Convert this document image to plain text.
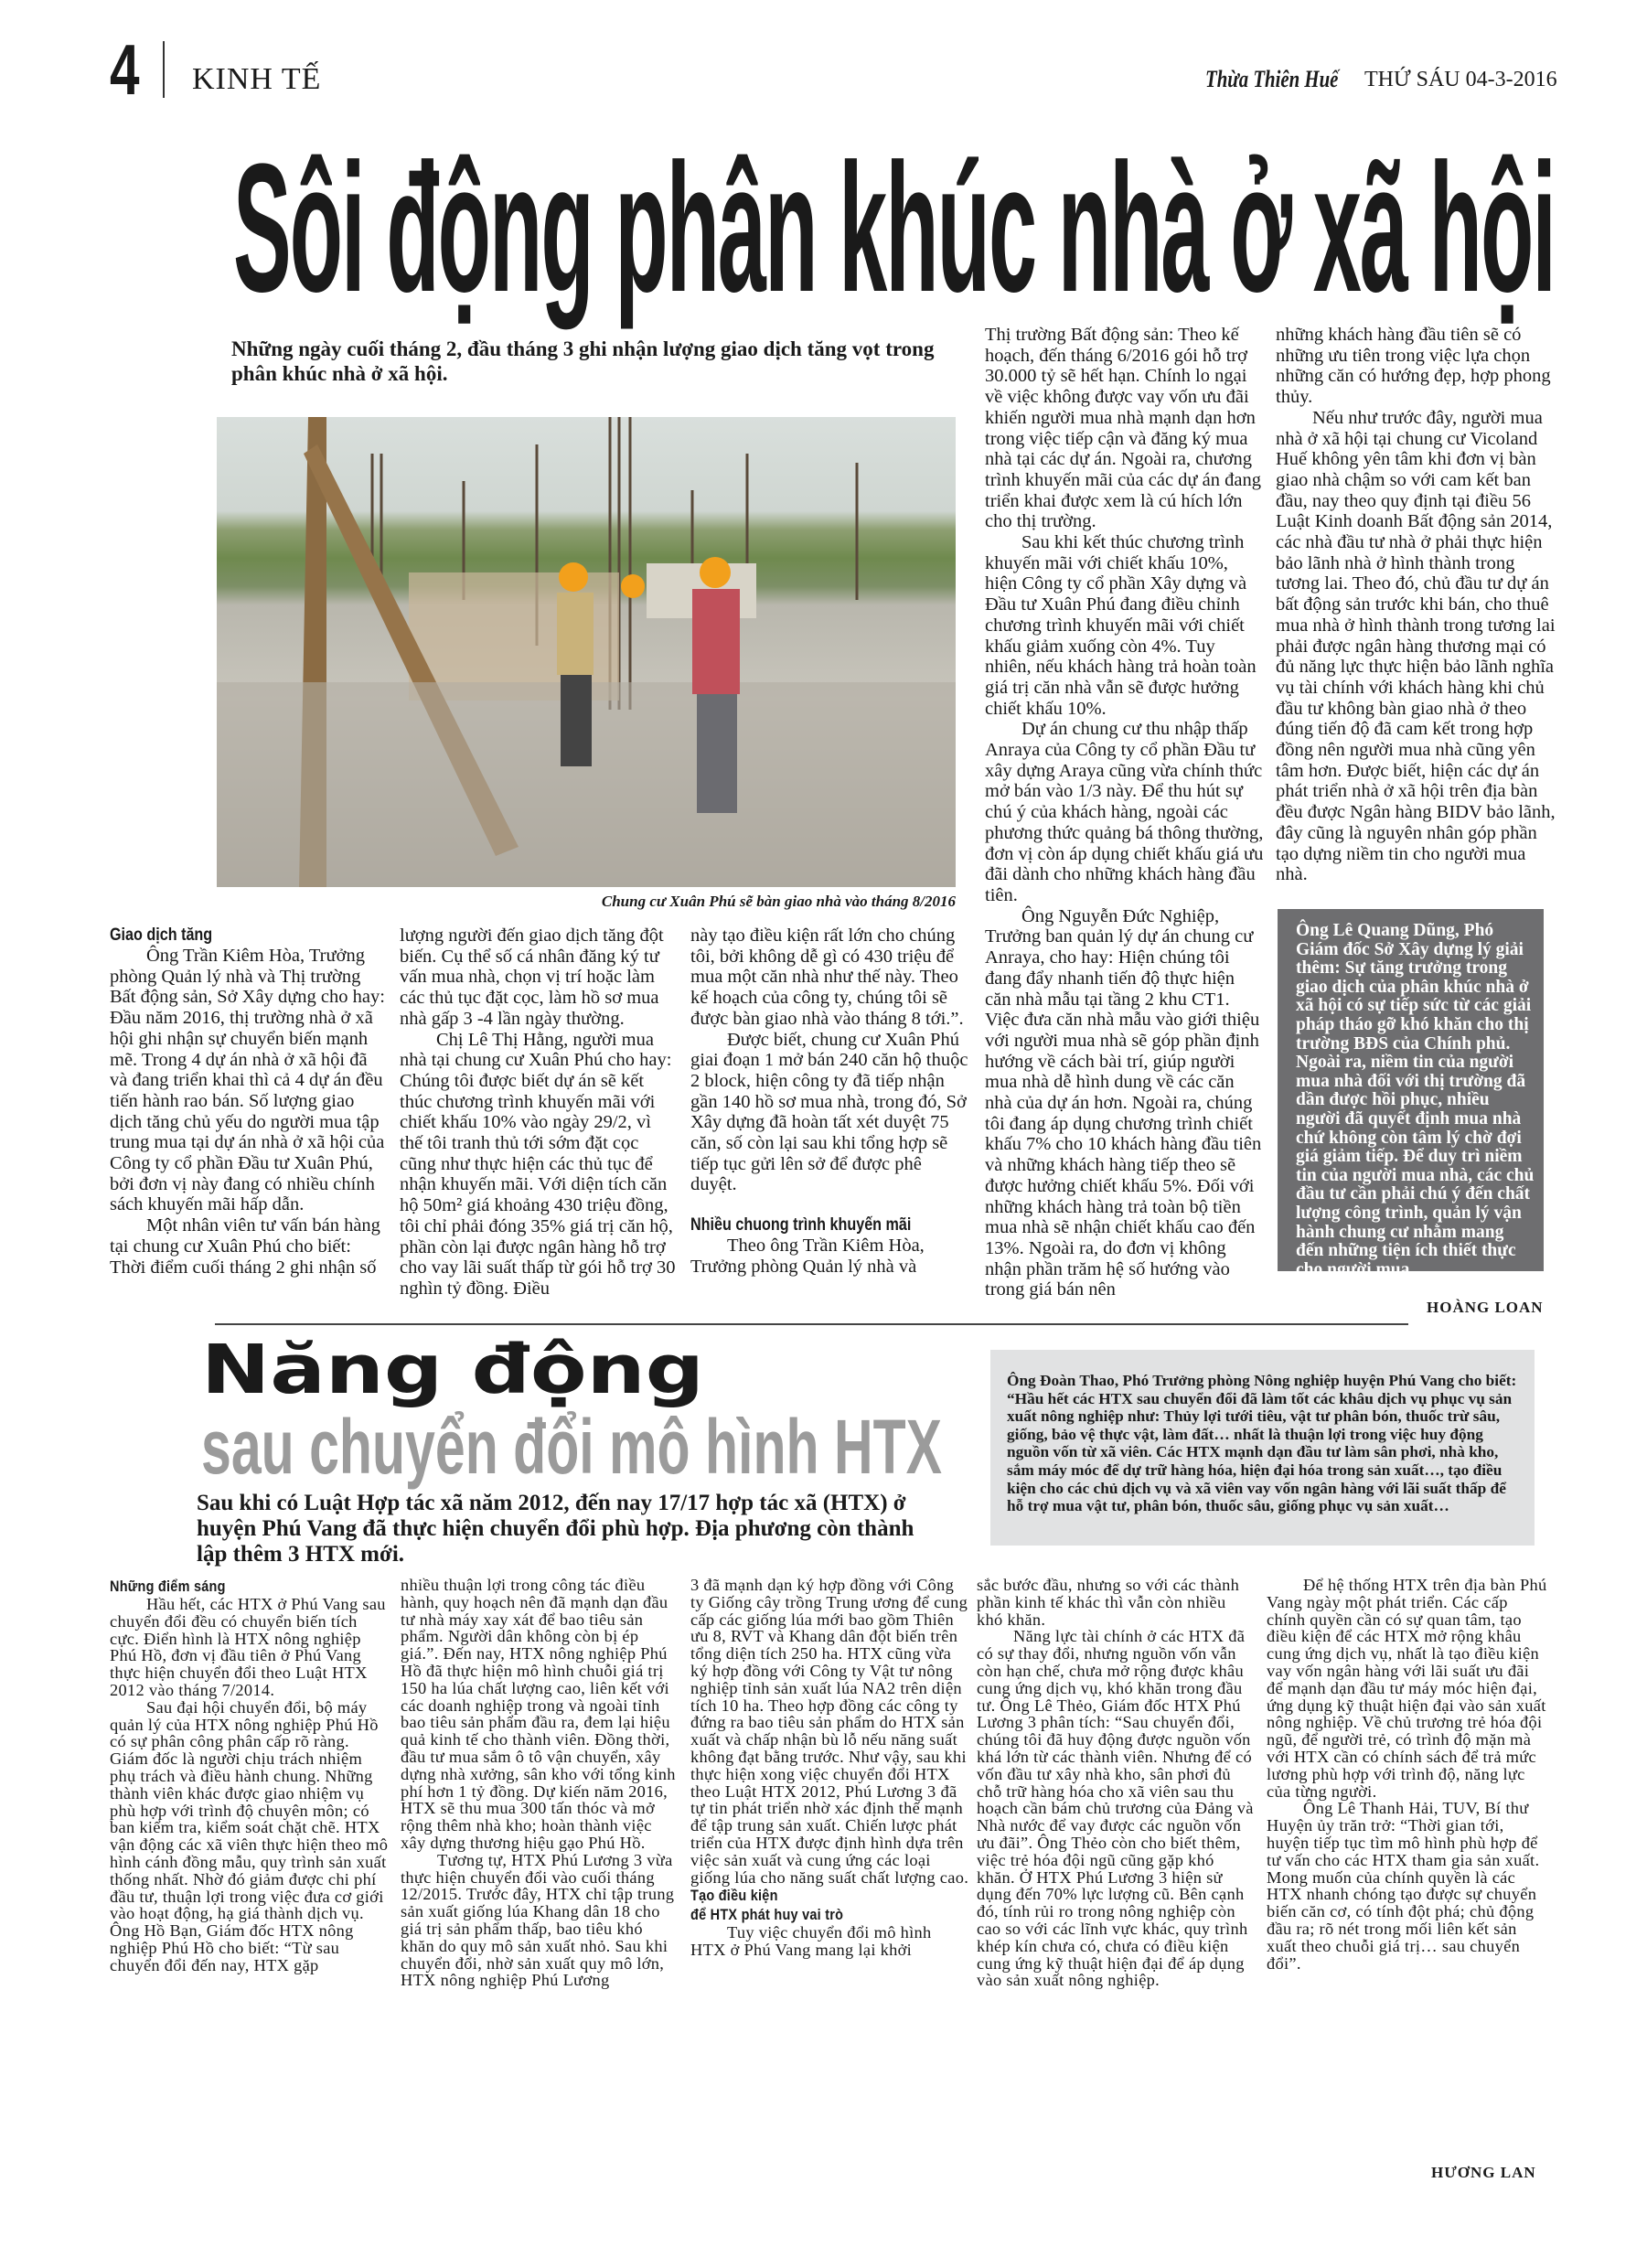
4 KINH TẾ	Thừa Thiên Huế THỨ SÁU 04-3-2016
Sôi động phân khúc nhà ở xã hội
Những ngày cuối tháng 2, đầu tháng 3 ghi nhận lượng giao dịch tăng vọt trong phân khúc nhà ở xã hội.
Chung cư Xuân Phú sẽ bàn giao nhà vào tháng 8/2016
Giao dịch tăng

Ông Trần Kiêm Hòa, Trưởng phòng Quản lý nhà và Thị trường Bất động sản, Sở Xây dựng cho hay: Đầu năm 2016, thị trường nhà ở xã hội ghi nhận sự chuyển biến mạnh mẽ. Trong 4 dự án nhà ở xã hội đã và đang triển khai thì cả 4 dự án đều tiến hành rao bán. Số lượng giao dịch tăng chủ yếu do người mua tập trung mua tại dự án nhà ở xã hội của Công ty cổ phần Đầu tư Xuân Phú, bởi đơn vị này đang có nhiều chính sách khuyến mãi hấp dẫn.

Một nhân viên tư vấn bán hàng tại chung cư Xuân Phú cho biết: Thời điểm cuối tháng 2 ghi nhận số

lượng người đến giao dịch tăng đột biến. Cụ thể số cá nhân đăng ký tư vấn mua nhà, chọn vị trí hoặc làm các thủ tục đặt cọc, làm hồ sơ mua nhà gấp 3 -4 lần ngày thường.

Chị Lê Thị Hằng, người mua nhà tại chung cư Xuân Phú cho hay: Chúng tôi được biết dự án sẽ kết thúc chương trình khuyến mãi với chiết khấu 10% vào ngày 29/2, vì thế tôi tranh thủ tới sớm đặt cọc cũng như thực hiện các thủ tục để nhận khuyến mãi. Với diện tích căn hộ 50m² giá khoảng 430 triệu đồng, tôi chỉ phải đóng 35% giá trị căn hộ, phần còn lại được ngân hàng hỗ trợ cho vay lãi suất thấp từ gói hỗ trợ 30 nghìn tỷ đồng. Điều

này tạo điều kiện rất lớn cho chúng tôi, bởi không dễ gì có 430 triệu để mua một căn nhà như thế này. Theo kế hoạch của công ty, chúng tôi sẽ được bàn giao nhà vào tháng 8 tới.”.

Được biết, chung cư Xuân Phú giai đoạn 1 mở bán 240 căn hộ thuộc 2 block, hiện công ty đã tiếp nhận gần 140 hồ sơ mua nhà, trong đó, Sở Xây dựng đã hoàn tất xét duyệt 75 căn, số còn lại sau khi tổng hợp sẽ tiếp tục gửi lên sở để được phê duyệt.

Nhiều chuong trình khuyến mãi

Theo ông Trần Kiêm Hòa, Trưởng phòng Quản lý nhà và

Thị trường Bất động sản: Theo kế hoạch, đến tháng 6/2016 gói hỗ trợ 30.000 tỷ sẽ hết hạn. Chính lo ngại về việc không được vay vốn ưu đãi khiến người mua nhà mạnh dạn hơn trong việc tiếp cận và đăng ký mua nhà tại các dự án. Ngoài ra, chương trình khuyến mãi của các dự án đang triển khai được xem là cú hích lớn cho thị trường.

Sau khi kết thúc chương trình khuyến mãi với chiết khấu 10%, hiện Công ty cổ phần Xây dựng và Đầu tư Xuân Phú đang điều chỉnh chương trình khuyến mãi với chiết khấu giảm xuống còn 4%. Tuy nhiên, nếu khách hàng trả hoàn toàn giá trị căn nhà vẫn sẽ được hưởng chiết khấu 10%.

Dự án chung cư thu nhập thấp Anraya của Công ty cổ phần Đầu tư xây dựng Araya cũng vừa chính thức mở bán vào 1/3 này. Để thu hút sự chú ý của khách hàng, ngoài các phương thức quảng bá thông thường, đơn vị còn áp dụng chiết khấu giá ưu đãi dành cho những khách hàng đầu tiên.

Ông Nguyễn Đức Nghiệp, Trưởng ban quản lý dự án chung cư Anraya, cho hay: Hiện chúng tôi đang đẩy nhanh tiến độ thực hiện căn nhà mẫu tại tầng 2 khu CT1. Việc đưa căn nhà mẫu vào giới thiệu với người mua nhà sẽ góp phần định hướng về cách bài trí, giúp người mua nhà dễ hình dung về các căn nhà của dự án hơn. Ngoài ra, chúng tôi đang áp dụng chương trình chiết khấu 7% cho 10 khách hàng đầu tiên và những khách hàng tiếp theo sẽ được hưởng chiết khấu 5%. Đối với những khách hàng trả toàn bộ tiền mua nhà sẽ nhận chiết khấu cao đến 13%. Ngoài ra, do đơn vị không nhận phần trăm hệ số hướng vào trong giá bán nên

những khách hàng đầu tiên sẽ có những ưu tiên trong việc lựa chọn những căn có hướng đẹp, hợp phong thủy.

Nếu như trước đây, người mua nhà ở xã hội tại chung cư Vicoland Huế không yên tâm khi đơn vị bàn giao nhà chậm so với cam kết ban đầu, nay theo quy định tại điều 56 Luật Kinh doanh Bất động sản 2014, các nhà đầu tư nhà ở phải thực hiện bảo lãnh nhà ở hình thành trong tương lai. Theo đó, chủ đầu tư dự án bất động sản trước khi bán, cho thuê mua nhà ở hình thành trong tương lai phải được ngân hàng thương mại có đủ năng lực thực hiện bảo lãnh nghĩa vụ tài chính với khách hàng khi chủ đầu tư không bàn giao nhà ở theo đúng tiến độ đã cam kết trong hợp đồng nên người mua nhà cũng yên tâm hơn. Được biết, hiện các dự án phát triển nhà ở xã hội trên địa bàn đều được Ngân hàng BIDV bảo lãnh, đây cũng là nguyên nhân góp phần tạo dựng niềm tin cho người mua nhà.

Ông Lê Quang Dũng, Phó Giám đốc Sở Xây dựng lý giải thêm: Sự tăng trưởng trong giao dịch của phân khúc nhà ở xã hội có sự tiếp sức từ các giải pháp tháo gỡ khó khăn cho thị trường BĐS của Chính phủ. Ngoài ra, niềm tin của người mua nhà đối với thị trường đã dần được hồi phục, nhiều người đã quyết định mua nhà chứ không còn tâm lý chờ đợi giá giảm tiếp. Để duy trì niềm tin của người mua nhà, các chủ đầu tư cần phải chú ý đến chất lượng công trình, quản lý vận hành chung cư nhằm mang đến những tiện ích thiết thực cho người mua.
HOÀNG LOAN
Năng động
sau chuyển đổi mô hình HTX
Sau khi có Luật Hợp tác xã năm 2012, đến nay 17/17 hợp tác xã (HTX) ở huyện Phú Vang đã thực hiện chuyển đổi phù hợp. Địa phương còn thành lập thêm 3 HTX mới.
Ông Đoàn Thao, Phó Trưởng phòng Nông nghiệp huyện Phú Vang cho biết: “Hầu hết các HTX sau chuyển đổi đã làm tốt các khâu dịch vụ phục vụ sản xuất nông nghiệp như: Thủy lợi tưới tiêu, vật tư phân bón, thuốc trừ sâu, giống, bảo vệ thực vật, làm đất… nhất là thuận lợi trong việc huy động nguồn vốn từ xã viên. Các HTX mạnh dạn đầu tư làm sân phơi, nhà kho, sắm máy móc để dự trữ hàng hóa, hiện đại hóa trong sản xuất…, tạo điều kiện cho các chủ dịch vụ và xã viên vay vốn ngân hàng với lãi suất thấp để hỗ trợ mua vật tư, phân bón, thuốc sâu, giống phục vụ sản xuất…
Những điểm sáng

Hầu hết, các HTX ở Phú Vang sau chuyển đổi đều có chuyển biến tích cực. Điển hình là HTX nông nghiệp Phú Hồ, đơn vị đầu tiên ở Phú Vang thực hiện chuyển đổi theo Luật HTX 2012 vào tháng 7/2014.

Sau đại hội chuyển đổi, bộ máy quản lý của HTX nông nghiệp Phú Hồ có sự phân công phân cấp rõ ràng. Giám đốc là người chịu trách nhiệm phụ trách và điều hành chung. Những thành viên khác được giao nhiệm vụ phù hợp với trình độ chuyên môn; có ban kiểm tra, kiểm soát chặt chẽ. HTX vận động các xã viên thực hiện theo mô hình cánh đồng mẫu, quy trình sản xuất thống nhất. Nhờ đó giảm được chi phí đầu tư, thuận lợi trong việc đưa cơ giới vào hoạt động, hạ giá thành dịch vụ. Ông Hồ Bạn, Giám đốc HTX nông nghiệp Phú Hồ cho biết: “Từ sau chuyển đổi đến nay, HTX gặp

nhiều thuận lợi trong công tác điều hành, quy hoạch nên đã mạnh dạn đầu tư nhà máy xay xát để bao tiêu sản phẩm. Người dân không còn bị ép giá.”. Đến nay, HTX nông nghiệp Phú Hồ đã thực hiện mô hình chuỗi giá trị 150 ha lúa chất lượng cao, liên kết với các doanh nghiệp trong và ngoài tỉnh bao tiêu sản phẩm đầu ra, đem lại hiệu quả kinh tế cho thành viên. Đồng thời, đầu tư mua sắm ô tô vận chuyển, xây dựng nhà xưởng, sân kho với tổng kinh phí hơn 1 tỷ đồng. Dự kiến năm 2016, HTX sẽ thu mua 300 tấn thóc và mở rộng thêm nhà kho; hoàn thành việc xây dựng thương hiệu gạo Phú Hồ.

Tương tự, HTX Phú Lương 3 vừa thực hiện chuyển đổi vào cuối tháng 12/2015. Trước đây, HTX chỉ tập trung sản xuất giống lúa Khang dân 18 cho giá trị sản phẩm thấp, bao tiêu khó khăn do quy mô sản xuất nhỏ. Sau khi chuyển đổi, nhờ sản xuất quy mô lớn, HTX nông nghiệp Phú Lương

3 đã mạnh dạn ký hợp đồng với Công ty Giống cây trồng Trung ương để cung cấp các giống lúa mới bao gồm Thiên ưu 8, RVT và Khang dân đột biến trên tổng diện tích 250 ha. HTX cũng vừa ký hợp đồng với Công ty Vật tư nông nghiệp tỉnh sản xuất lúa NA2 trên diện tích 10 ha. Theo hợp đồng các công ty đứng ra bao tiêu sản phẩm do HTX sản xuất và chấp nhận bù lỗ nếu năng suất không đạt bằng trước. Như vậy, sau khi thực hiện xong việc chuyển đổi HTX theo Luật HTX 2012, Phú Lương 3 đã tự tin phát triển nhờ xác định thế mạnh để tập trung sản xuất. Chiến lược phát triển của HTX được định hình dựa trên việc sản xuất và cung ứng các loại giống lúa cho năng suất chất lượng cao.

Tạo điều kiện
để HTX phát huy vai trò

Tuy việc chuyển đổi mô hình HTX ở Phú Vang mang lại khởi

sắc bước đầu, nhưng so với các thành phần kinh tế khác thì vẫn còn nhiều khó khăn.

Năng lực tài chính ở các HTX đã có sự thay đổi, nhưng nguồn vốn vẫn còn hạn chế, chưa mở rộng được khâu cung ứng dịch vụ, khó khăn trong đầu tư. Ông Lê Thẻo, Giám đốc HTX Phú Lương 3 phân tích: “Sau chuyển đổi, chúng tôi đã huy động được nguồn vốn khá lớn từ các thành viên. Nhưng để có vốn đầu tư xây nhà kho, sân phơi đủ chỗ trữ hàng hóa cho xã viên sau thu hoạch cần bám chủ trương của Đảng và Nhà nước để vay được các nguồn vốn ưu đãi”. Ông Thẻo còn cho biết thêm, việc trẻ hóa đội ngũ cũng gặp khó khăn. Ở HTX Phú Lương 3 hiện sử dụng đến 70% lực lượng cũ. Bên cạnh đó, tính rủi ro trong nông nghiệp còn cao so với các lĩnh vực khác, quy trình khép kín chưa có, chưa có điều kiện cung ứng kỹ thuật hiện đại để áp dụng vào sản xuất nông nghiệp.

Để hệ thống HTX trên địa bàn Phú Vang ngày một phát triển. Các cấp chính quyền cần có sự quan tâm, tạo điều kiện để các HTX mở rộng khâu cung ứng dịch vụ, nhất là tạo điều kiện vay vốn ngân hàng với lãi suất ưu đãi để mạnh dạn đầu tư máy móc hiện đại, ứng dụng kỹ thuật hiện đại vào sản xuất nông nghiệp. Về chủ trương trẻ hóa đội ngũ, để người trẻ, có trình độ mặn mà với HTX cần có chính sách để trả mức lương phù hợp với trình độ, năng lực của từng người.

Ông Lê Thanh Hải, TUV, Bí thư Huyện ủy trăn trở: “Thời gian tới, huyện tiếp tục tìm mô hình phù hợp để tư vấn cho các HTX tham gia sản xuất. Mong muốn của chính quyền là các HTX nhanh chóng tạo được sự chuyển biến căn cơ, có tính đột phá; chủ động đầu ra; rõ nét trong mối liên kết sản xuất theo chuỗi giá trị… sau chuyển đổi”.

HƯƠNG LAN
